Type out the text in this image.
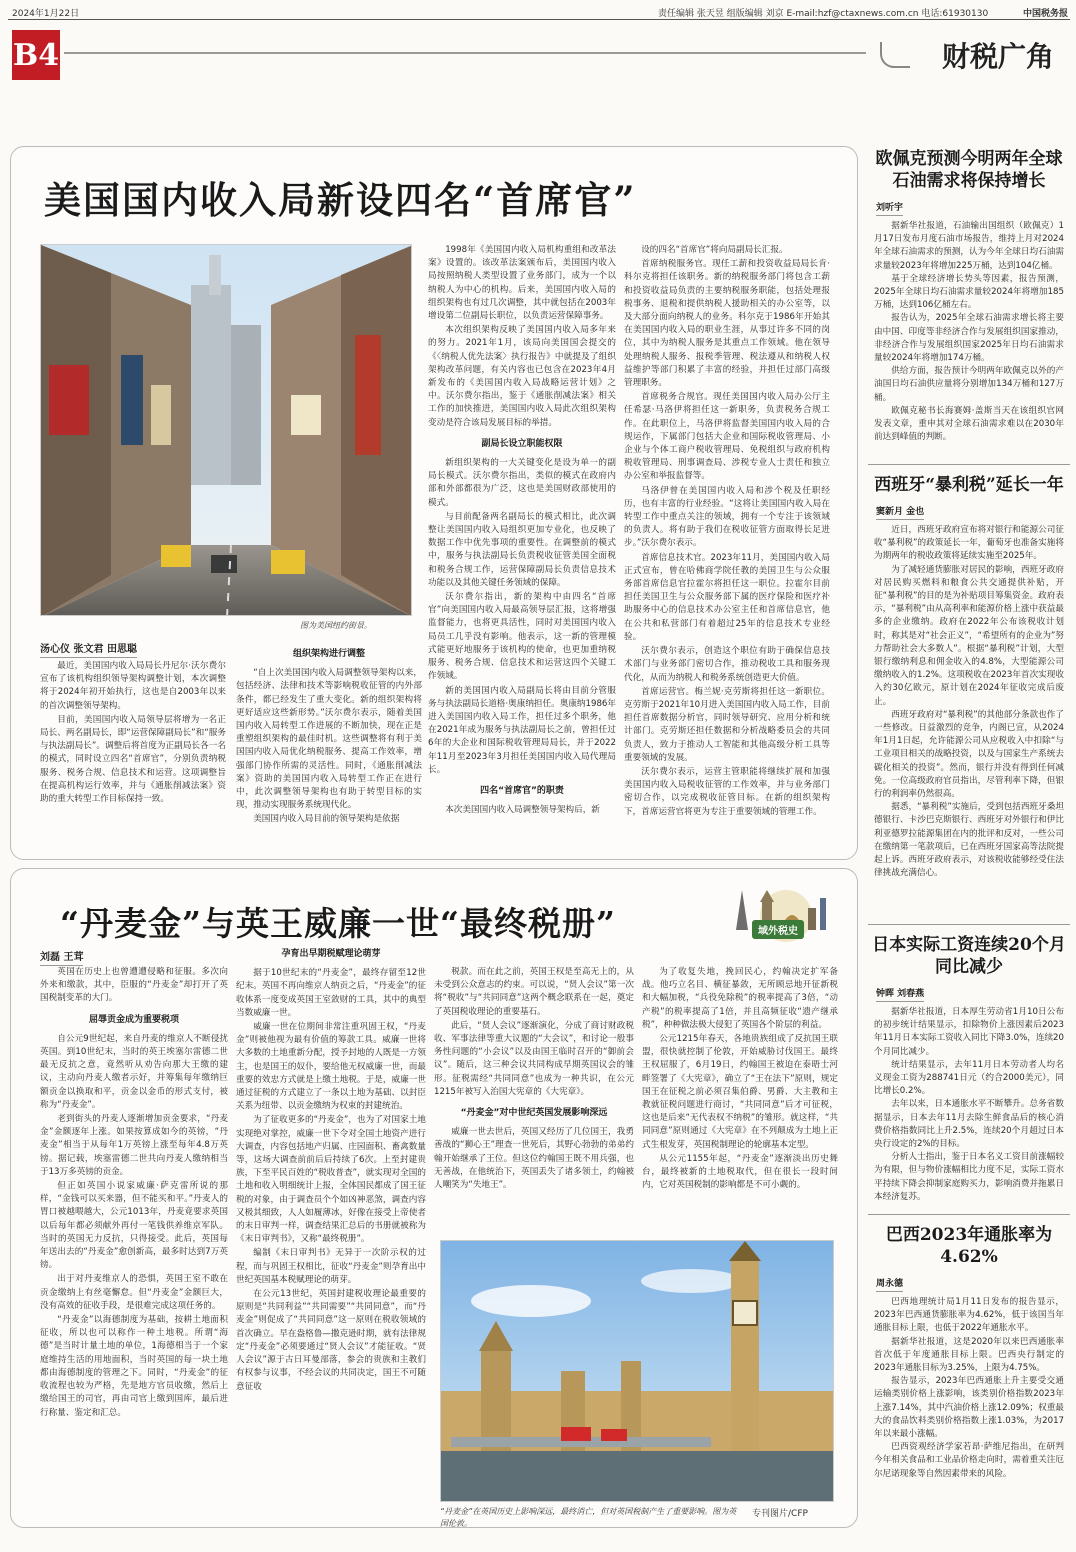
2024年1月22日	责任编辑 张天昱 组版编辑 刘京 E-mail:hzf@ctaxnews.com.cn 电话:61930130	中国税务报
B4	财税广角
美国国内收入局新设四名“首席官”
图为美国纽约街景。
汤心仪 张文君 田思聪

最近，美国国内收入局局长丹尼尔·沃尔费尔宣布了该机构组织领导架构调整计划，本次调整将于2024年初开始执行，这也是自2003年以来的首次调整领导架构。

目前，美国国内收入局领导层将增为一名正局长、两名副局长，即“运营保障副局长”和“服务与执法副局长”。调整后将首度为正副局长各一名的模式，同时设立四名“首席官”，分别负责纳税服务、税务合规、信息技术和运营。这项调整旨在提高机构运行效率，并与《通胀削减法案》资助的重大转型工作目标保持一致。

组织架构进行调整

“自上次美国国内收入局调整领导架构以来，包括经济、法律和技术等影响税收征管的内外部条件，都已经发生了重大变化。新的组织架构将更好适应这些新形势。”沃尔费尔表示，随着美国国内收入局转型工作进展的不断加快，现在正是重塑组织架构的最佳时机。这些调整将有利于美国国内收入局优化纳税服务、提高工作效率，增强部门协作所需的灵活性。同时，《通胀削减法案》资助的美国国内收入局转型工作正在进行中，此次调整领导架构也有助于转型目标的实现，推动实现服务系统现代化。

美国国内收入局目前的领导架构是依据

1998年《美国国内收入局机构重组和改革法案》设置的。该改革法案颁布后，美国国内收入局按照纳税人类型设置了业务部门，成为一个以纳税人为中心的机构。后来，美国国内收入局的组织架构也有过几次调整，其中就包括在2003年增设第二位副局长职位，以负责运营保障事务。

本次组织架构反映了美国国内收入局多年来的努力。2021年1月，该局向美国国会提交的《〈纳税人优先法案〉执行报告》中就提及了组织架构改革问题，有关内容也已包含在2023年4月新发布的《美国国内收入局战略运营计划》之中。沃尔费尔指出，鉴于《通胀削减法案》相关工作的加快推进，美国国内收入局此次组织架构变动是符合该局发展目标的举措。

副局长设立职能权限

新组织架构的一大关键变化是设为单一的副局长模式。沃尔费尔指出，类似的模式在政府内部和外部都很为广泛，这也是美国财政部使用的模式。

与目前配备两名副局长的模式相比，此次调整让美国国内收入局组织更加专业化，也反映了数据工作中优先事项的重要性。在调整前的模式中，服务与执法副局长负责税收征管美国全面税和税务合规工作，运营保障副局长负责信息技术功能以及其他关键任务领域的保障。

沃尔费尔指出，新的架构中由四名“首席官”向美国国内收入局最高领导层汇报，这将增强监督能力，也将更具活性，同时对美国国内收入局员工几乎没有影响。他表示，这一新的管理模式能更好地服务于该机构的使命，也更加重纳税服务、税务合规、信息技术和运营这四个关键工作领域。

新的美国国内收入局副局长将由目前分管服务与执法副局长道格·奥康纳担任。奥康纳1986年进入美国国内收入局工作，担任过多个职务，他在2021年成为服务与执法副局长之前，曾担任过6年的大企业和国际税收管理局局长，并于2022年11月至2023年3月担任美国国内收入局代理局长。

四名“首席官”的职责

本次美国国内收入局调整领导架构后，新

设的四名“首席官”将向局副局长汇报。

首席纳税服务官。现任工薪和投资收益局局长肯·科尔克将担任该职务。新的纳税服务部门将包含工薪和投资收益局负责的主要纳税服务职能，包括处理报税事务、退税和提供纳税人援助相关的办公室等，以及大部分面向纳税人的业务。科尔克于1986年开始其在美国国内收入局的职业生涯，从事过许多不同的岗位，其中为纳税人服务是其重点工作领域。他在领导处理纳税人服务、报税季管理、税法遵从和纳税人权益维护等部门积累了丰富的经验，并担任过部门高级管理职务。

首席税务合规官。现任美国国内收入局办公厅主任希瑟·马洛伊将担任这一新职务，负责税务合规工作。在此职位上，马洛伊将监督美国国内收入局的合规运作，下属部门包括大企业和国际税收管理局、小企业与个体工商户税收管理局、免税组织与政府机构税收管理局、刑事调查局、涉税专业人士责任和独立办公室和举报监督等。

马洛伊曾在美国国内收入局和涉个税及任职经历，也有丰富的行业经验。“这将让美国国内收入局在转型工作中重点关注的领域，拥有一个专注于该领域的负责人。将有助于我们在税收征管方面取得长足进步。”沃尔费尔表示。

首席信息技术官。2023年11月，美国国内收入局正式宣布，曾在哈佛商学院任教的美国卫生与公众服务部首席信息官拉霍尔将担任这一职位。拉霍尔目前担任美国卫生与公众服务部下属的医疗保险和医疗补助服务中心的信息技术办公室主任和首席信息官，他在公共和私营部门有着超过25年的信息技术专业经验。

沃尔费尔表示，创造这个职位有助于确保信息技术部门与业务部门密切合作，推动税收工具和服务现代化，从而为纳税人和税务系统创造更大价值。

首席运营官。梅兰妮·克劳斯将担任这一新职位。克劳斯于2021年10月进入美国国内收入局工作，目前担任首席数据分析官，同时领导研究、应用分析和统计部门。克劳斯还担任数据和分析战略委员会的共同负责人，致力于推动人工智能和其他高级分析工具等重要领域的发展。

沃尔费尔表示，运营主管职能将继续扩展和加强美国国内收入局税收征管的工作效率，并与业务部门密切合作，以完成税收征管目标。在新的组织架构下，首席运营官将更为专注于重要领域的管理工作。

“丹麦金”与英王威廉一世“最终税册”	域外税史
刘磊 王茸

英国在历史上也曾遭遭侵略和征服。多次向外来和缴款，其中，臣服的“丹麦金”却打开了英国税制变革的大门。

屈辱贡金成为重要税项

自公元9世纪起，来自丹麦的维京人不断侵扰英国。到10世纪末，当时的英王埃塞尔雷德二世最无反抗之意，竟然听从劝告向那大王缴的建议，主动向丹麦人缴者示好，并筹集每年缴纳巨额贡金以换取和平，贡金以金币的形式支付，被称为“丹麦金”。

老到街头的丹麦人逐渐增加贡金要求，“丹麦金”金额逐年上涨。如果按算成如今的英镑，“丹麦金”相当于从每年1万英镑上涨至每年4.8万英镑。据记载，埃塞雷德二世共向丹麦人缴纳相当于13万多英镑的贡金。

但正如英国小说家威廉·萨克雷所说的那样，“金钱可以买来器，但不能买和平。”丹麦人的胃口被越喂越大，公元1013年，丹麦竟要求英国以后每年都必须献外再付一笔钱供养维京军队。当时的英国无力反抗，只得接受。此后，英国每年送出去的“丹麦金”愈创新高，最多时达到7万英镑。

出于对丹麦维京人的恐惧，英国王室不敢在贡金缴纳上有丝毫懈怠。但“丹麦金”金额巨大，没有高效的征收手段，是很难完成这项任务的。

“丹麦金”以海德制度为基础，按耕土地面积征收，所以也可以称作一种土地税。所谓“海德”是当时计量土地的单位，1海德相当于一个家庭维持生活的用地面积，当时英国的每一块土地都由海德制度的管理之下。同时，“丹麦金”的征收流程也较为严格，先是地方官员收缴，然后上缴给国王的司官，再由司官上缴到国库，最后进行称量、鉴定和汇总。

孕育出早期税赋理论萌芽

据于10世纪末的“丹麦金”，最终存留至12世纪末。英国不再向维京人纳贡之后，“丹麦金”的征收体系一度变成英国王室敛财的工具，其中的典型当数威廉一世。

威廉一世在位期间非常注重巩固王权，“丹麦金”则被他视为最有价值的筹款工具。威廉一世将大多数的土地重新分配，授予封地的人既是一方领主，也是国王的奴仆，要给他无权威廉一世，而最重要的效忠方式就是上缴土地税。于是，威廉一世通过征税的方式建立了一条以土地为基础、以封臣关系为纽带、以贡金缴纳为权束的封建统治。

为了征收更多的“丹麦金”，也为了对国家土地实现绝对掌控，威廉一世下令对全国土地资产进行大调查，内容包括地产归属、庄园面积、畜禽数量等，这场大调查前前后后持续了6次。上至封建贵族，下至平民百姓的“税收普查”，就实现对全国的土地和收入明细统计上报，全体国民都成了国王征税的对象，由于调查员个个如凶神恶煞，调查内容又极其细致，人人如履薄冰，好像在接受上帝使者的末日审判一样，调查结果汇总后的书册就被称为《末日审判书》，又称“最终税册”。

编制《末日审判书》无异于一次阶示权的过程，而与巩固王权相比，征收“丹麦金”则孕育出中世纪英国基本税赋理论的萌芽。

在公元13世纪，英国封建税收理论最重要的原则是“共同利益”“共同需要”“共同同意”，而“丹麦金”则促成了“共同同意”这一原则在税收领域的首次确立。早在盎格鲁—撒克逊时期，就有法律规定“丹麦金”必须要通过“贤人会议”才能征收。“贤人会议”源于古日耳曼部落，参会的贵族和主教们有权参与议事，不经会议的共同决定，国王不可随意征收

税款。而在此之前，英国王权是至高无上的，从未受到公众意志的约束。可以说，“贤人会议”第一次将“税收”与“共同同意”这两个概念联系在一起，奠定了英国税收理论的重要基石。

此后，“贤人会议”逐渐演化，分成了商讨财政税收、军事法律等重大议题的“大会议”，和讨论一般事务性问题的“小会议”以及由国王临时召开的“御前会议”。随后，这三种会议共同构成早期英国议会的雏形。征税需经“共同同意”也成为一种共识，在公元1215年被写入治国大宪章的《大宪章》。

“丹麦金”对中世纪英国发展影响深远

威廉一世去世后，英国又经历了几位国王，我勇善战的“狮心王”理查一世死后，其野心勃勃的弟弟约翰开始继承了王位。但这位约翰国王既不用兵强，也无善战，在他统治下，英国丢失了诸多领土，约翰被人嘲笑为“失地王”。

为了收复失地，挽回民心，约翰决定扩军备战。他巧立名目、横征暴敛，无所顾忌地开征新税和大幅加税，“兵役免除税”的税率提高了3倍，“动产税”的税率提高了1倍，并且高频征收“遗产继承税”，种种做法极大侵犯了英国各个阶层的利益。

公元1215年春天，各地贵族组成了反抗国王联盟，很快就控制了伦敦，开始威胁讨伐国王。最终王权屈服了，6月19日，约翰国王被迫在泰晤士河畔签署了《大宪章》，确立了“王在法下”原则，规定国王在征税之前必须召集伯爵、男爵、大主教和主教就征税问题进行商讨，“共同同意”后才可征税，这也是后来“无代表权不纳税”的雏形。就这样，“共同同意”原则通过《大宪章》在不列颠成为土地上正式生根发芽，英国税制理论的轮廓基本定型。

从公元1155年起，“丹麦金”逐渐淡出历史舞台，最终被新的土地税取代，但在很长一段时间内，它对英国税制的影响都是不可小觑的。

“丹麦金”在英国历史上影响深远，最终消亡，但对英国税制产生了重要影响。图为英国伦敦。
专刊图片/CFP
欧佩克预测今明两年全球石油需求将保持增长
刘听宇

据新华社报道，石油输出国组织（欧佩克）1月17日发布月度石油市场报告，维持上月对2024年全球石油需求的预测，认为今年全球日均石油需求量较2023年将增加225万桶，达到104亿桶。

基于全球经济增长势头等因素，报告预测，2025年全球日均石油需求量较2024年将增加185万桶，达到106亿桶左右。

报告认为，2025年全球石油需求增长将主要由中国、印度等非经济合作与发展组织国家推动，非经济合作与发展组织国家2025年日均石油需求量较2024年将增加174万桶。

供给方面，报告预计今明两年欧佩克以外的产油国日均石油供应量将分别增加134万桶和127万桶。

欧佩克秘书长海赛姆·盖斯当天在该组织官网发表文章，重申其对全球石油需求难以在2030年前达到峰值的判断。

西班牙“暴利税”延长一年
窦新月 金也

近日，西班牙政府宣布将对银行和能源公司征收“暴利税”的政策延长一年，葡萄牙也准备实施将为期两年的税收政策将延续实施至2025年。

为了减轻通货膨胀对居民的影响，西班牙政府对居民购买燃料和粮食公共交通提供补贴，开征“暴利税”的目的是为补贴项目筹集资金。政府表示，“暴利税”由从高利率和能源价格上涨中获益最多的企业缴纳。政府在2022年公布该税收计划时，称其是对“社会正义”，“希望所有的企业为”努力帮助社会大多数人”。根据“暴利税”计划，大型银行缴纳利息和佣金收入的4.8%，大型能源公司缴纳收入的1.2%。这项税收在2023年首次实现收入约30亿欧元，原计划在2024年征收完成后废止。

西班牙政府对“暴利税”的其他部分条款也作了一些修改。日益激烈的竞争，内阁已宣，从2024年1月1日起，允许能源公司从应税收入中扣除“与工业项目相关的战略投资，以及与国家生产系统去碳化相关的投资”。然而，银行并没有得到任何减免。一位高级政府官员指出，尽管利率下降，但银行的利润率仍然很高。

据悉，“暴利税”实施后，受到包括西班牙桑坦德银行、卡沙巴克斯银行、西班牙对外银行和伊比利亚德罗拉能源集团在内的批评和反对，一些公司在缴纳第一笔款项后，已在西班牙国家高等法院提起上诉。西班牙政府表示，对该税收能够经受住法律挑战充满信心。

日本实际工资连续20个月同比减少
钟晖 刘春燕

据新华社报道，日本厚生劳动省1月10日公布的初步统计结果显示，扣除物价上涨因素后2023年11月日本实际工资收入同比下降3.0%，连续20个月同比减少。

统计结果显示，去年11月日本劳动者人均名义现金工资为288741日元（约合2000美元），同比增长0.2%。

去年以来，日本通胀水平不断攀升。总务省数据显示，日本去年11月去除生鲜食品后的核心消费价格指数同比上升2.5%，连续20个月超过日本央行设定的2%的目标。

分析人士指出，鉴于日本名义工资目前涨幅较为有限，但与物价涨幅相比力度不足，实际工资水平持续下降会抑制家庭购买力，影响消费并拖累日本经济复苏。

巴西2023年通胀率为4.62%
周永德

巴西地理统计局1月11日发布的报告显示，2023年巴西通货膨胀率为4.62%，低于该国当年通胀目标上限，也低于2022年通胀水平。

据新华社报道，这是2020年以来巴西通胀率首次低于年度通胀目标上限。巴西央行制定的2023年通胀目标为3.25%，上限为4.75%。

报告显示，2023年巴西通胀上升主要受交通运输类别价格上涨影响，该类别价格指数2023年上涨7.14%，其中汽油价格上涨12.09%；权重最大的食品饮料类别价格指数上涨1.03%，为2017年以来最小涨幅。

巴西资观经济学家若昂·萨维尼指出，在研判今年相关食品和工业品价格走向时，需着重关注厄尔尼诺现象等自然因素带来的风险。
